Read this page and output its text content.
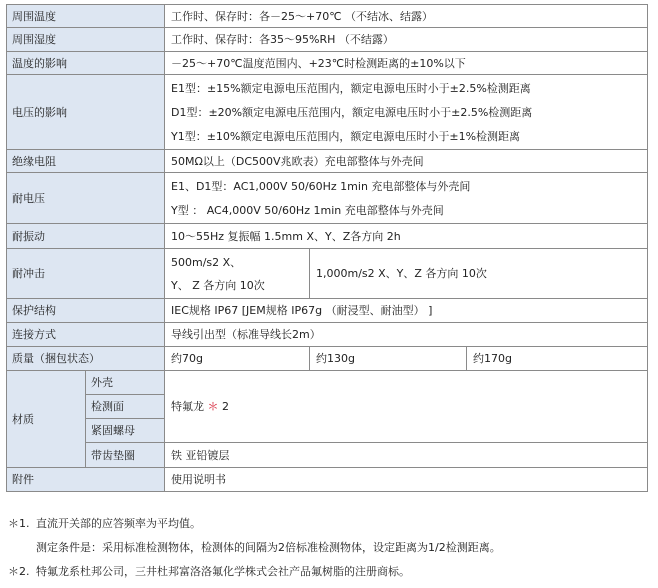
周围温度		工作时、保存时：各－25～+70℃ （不结冰、结露）		
周围湿度		工作时、保存时：各35～95%RH （不结露）		
温度的影响		－25～+70℃温度范围内、+23℃时检测距离的±10%以下		
电压的影响		E1型：±15%额定电源电压范围内，额定电源电压时小于±2.5%检测距离
D1型：±20%额定电源电压范围内，额定电源电压时小于±2.5%检测距离
Y1型：±10%额定电源电压范围内，额定电源电压时小于±1%检测距离		

绝缘电阻		50MΩ以上（DC500V兆欧表）充电部整体与外壳间		
耐电压		E1、D1型：AC1,000V 50/60Hz 1min 充电部整体与外壳间
Y型 ： AC4,000V 50/60Hz 1min 充电部整体与外壳间		

耐振动		10～55Hz 复振幅 1.5mm X、Y、Z各方向 2h		
耐冲击		500m/s2 X、
Y、 Z 各方向 10次	1,000m/s2 X、Y、Z 各方向 10次	
保护结构		IEC规格 IP67 [JEM规格 IP67g （耐浸型、耐油型） ]		
连接方式		导线引出型（标准导线长2m）		
质量（捆包状态）		约70g	约130g	约170g
材质	外壳	特氟龙 ＊ 2		
	检测面			
	紧固螺母			
	带齿垫圈	铁 亚铅镀层		
附件		使用说明书		
＊1. 直流开关部的应答频率为平均值。
测定条件是：采用标准检测物体，检测体的间隔为2倍标准检测物体，设定距离为1/2检测距离。
＊2. 特氟龙系杜邦公司，三井杜邦富洛洛氟化学株式会社产品氟树脂的注册商标。
